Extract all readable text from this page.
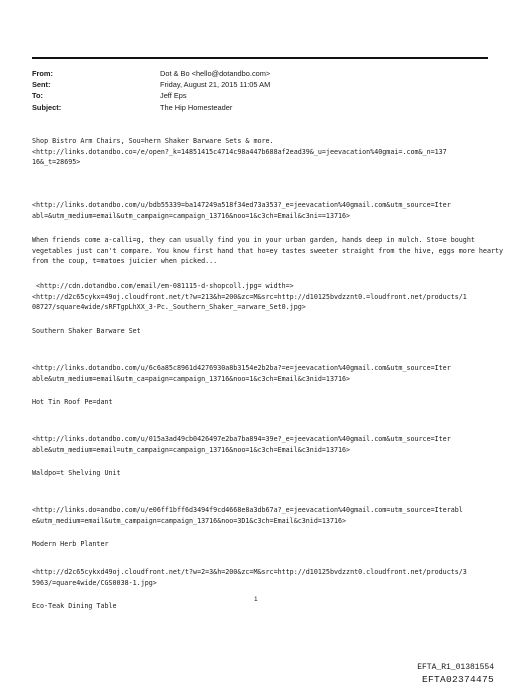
From:	Dot & Bo <hello@dotandbo.com>
Sent:	Friday, August 21, 2015 11:05 AM
To:	Jeff Eps
Subject:	The Hip Homesteader
Shop Bistro Arm Chairs, Sou=hern Shaker Barware Sets & more.
<http://links.dotandbo.co=/e/open?_k=14851415c4714c98a447b688af2ead39&_u=jeevacation%40gmai=.com&_n=137
16&_t=28695>
<http://links.dotandbo.com/u/bdb55339=ba147249a518f34ed73a353?_e=jeevacation%40gmail.com&utm_source=Iter
abl=&utm_medium=email&utm_campaign=campaign_13716&noo=1&c3ch=Email&c3ni==13716>
When friends come a-calli=g, they can usually find you in your urban garden, hands deep in mulch. Sto=e bought
vegetables just can't compare. You know first hand that ho=ey tastes sweeter straight from the hive, eggs more hearty
from the coup, t=matoes juicier when picked...
<http://cdn.dotandbo.com/email/em-081115-d-shopcoll.jpg= width=>
<http://d2c65cykx=49oj.cloudfront.net/t?w=213&h=200&zc=M&src=http://d10125bvdzznt0.=loudfront.net/products/1
08727/square4wide/sRFTgpLhXX_3-Pc._Southern_Shaker_=arware_Set0.jpg>
Southern Shaker Barware Set
<http://links.dotandbo.com/u/6c6a85c8961d4276930a8b3154e2b2ba?=e=jeevacation%40gmail.com&utm_source=Iter
able&utm_medium=email&utm_ca=paign=campaign_13716&noo=1&c3ch=Email&c3nid=13716>
Hot Tin Roof Pe=dant
<http://links.dotandbo.com/u/015a3ad49cb0426497e2ba7ba894=39e?_e=jeevacation%40gmail.com&utm_source=Iter
able&utm_medium=email=utm_campaign=campaign_13716&noo=1&c3ch=Email&c3nid=13716>
Waldpo=t Shelving Unit
<http://links.do=andbo.com/u/e06ff1bff6d3494f9cd4668e8a3db67a?_e=jeevacation%40gmail.com=utm_source=Iterabl
e&utm_medium=email&utm_campaign=campaign_13716&noo=3D1&c3ch=Email&c3nid=13716>
Modern Herb Planter
<http://d2c65cykxd49oj.cloudfront.net/t?w=2=3&h=200&zc=M&src=http://d10125bvdzznt0.cloudfront.net/products/3
5963/=quare4wide/CGS0038-1.jpg>
Eco-Teak Dining Table
1
EFTA_R1_01381554
EFTA02374475
